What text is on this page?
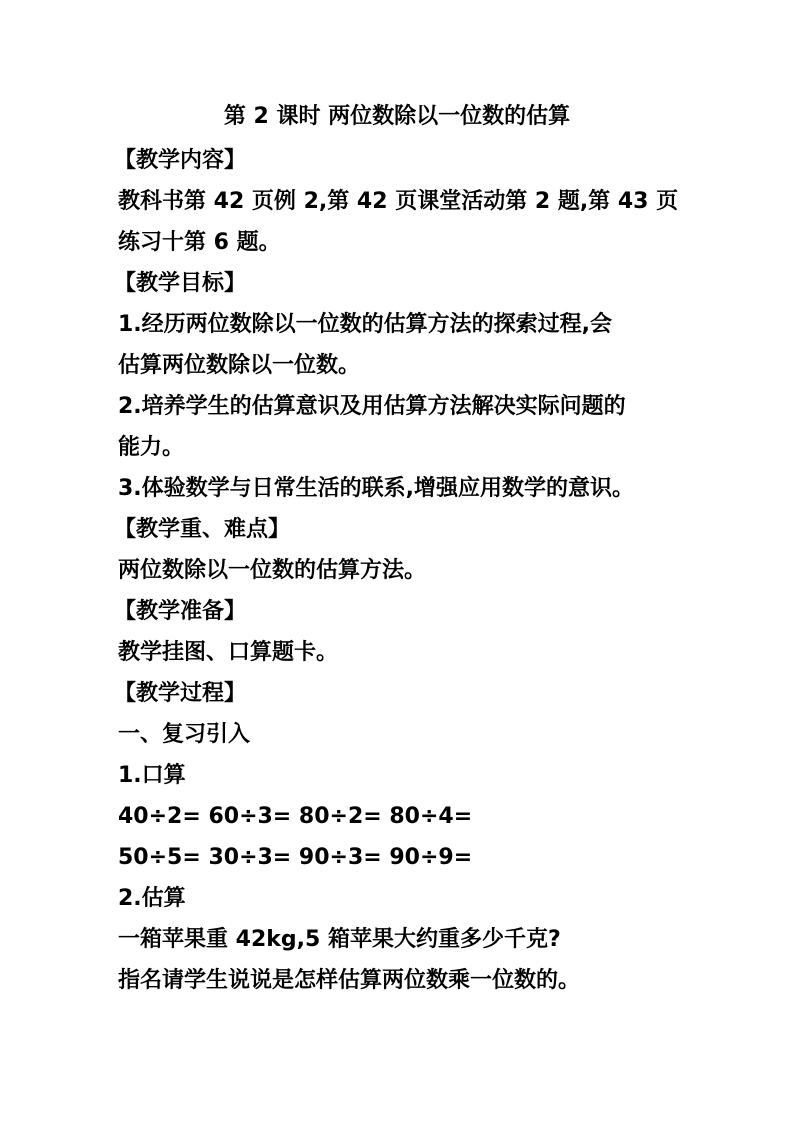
第 2 课时 两位数除以一位数的估算
【教学内容】
教科书第 42 页例 2,第 42 页课堂活动第 2 题,第 43 页
练习十第 6 题。
【教学目标】
1.经历两位数除以一位数的估算方法的探索过程,会
估算两位数除以一位数。
2.培养学生的估算意识及用估算方法解决实际问题的
能力。
3.体验数学与日常生活的联系,增强应用数学的意识。
【教学重、难点】
两位数除以一位数的估算方法。
【教学准备】
教学挂图、口算题卡。
【教学过程】
一、复习引入
1.口算
40÷2= 60÷3= 80÷2= 80÷4=
50÷5= 30÷3= 90÷3= 90÷9=
2.估算
一箱苹果重 42kg,5 箱苹果大约重多少千克?
指名请学生说说是怎样估算两位数乘一位数的。
